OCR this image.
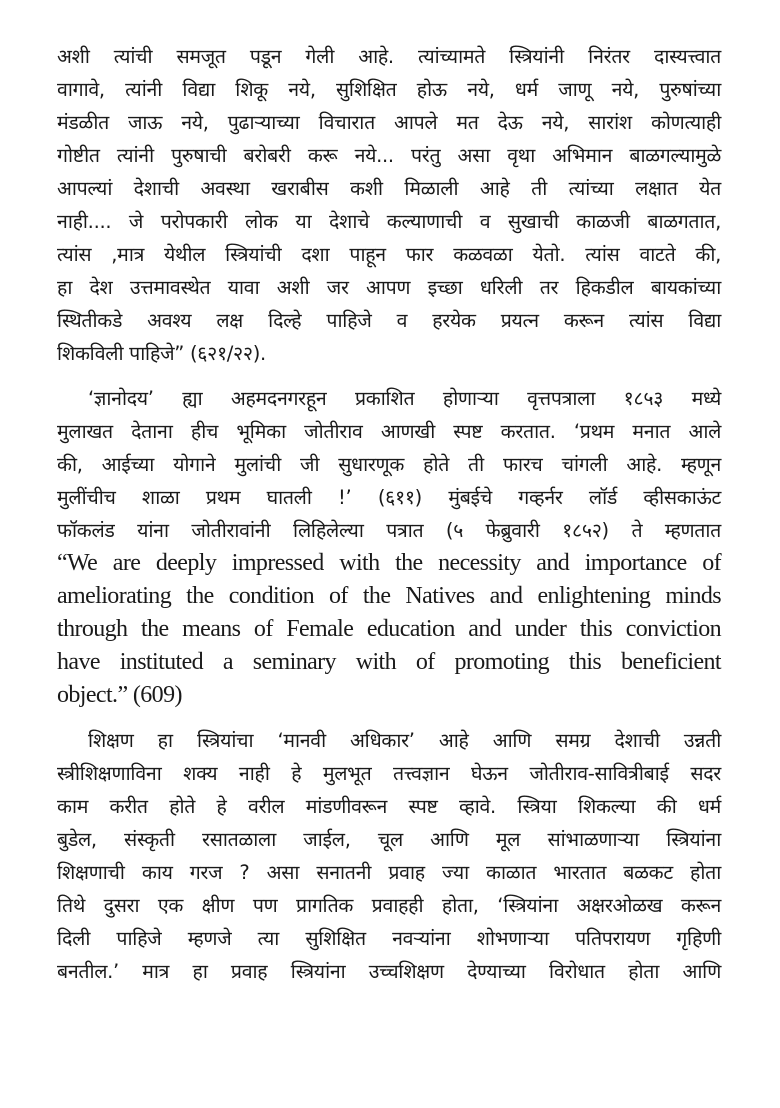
अशी त्यांची समजूत पडून गेली आहे. त्यांच्यामते स्त्रियांनी निरंतर दास्यत्त्वात
वागावे, त्यांनी विद्या शिकू नये, सुशिक्षित होऊ नये, धर्म जाणू नये, पुरुषांच्या
मंडळीत जाऊ नये, पुढाऱ्याच्या विचारात आपले मत देऊ नये, सारांश कोणत्याही
गोष्टीत त्यांनी पुरुषाची बरोबरी करू नये... परंतु असा वृथा अभिमान बाळगल्यामुळे
आपल्यां देशाची अवस्था खराबीस कशी मिळाली आहे ती त्यांच्या लक्षात येत
नाही.... जे परोपकारी लोक या देशाचे कल्याणाची व सुखाची काळजी बाळगतात,
त्यांस ,मात्र येथील स्त्रियांची दशा पाहून फार कळवळा येतो. त्यांस वाटते की,
हा देश उत्तमावस्थेत यावा अशी जर आपण इच्छा धरिली तर हिकडील बायकांच्या
स्थितीकडे अवश्य लक्ष दिल्हे पाहिजे व हरयेक प्रयत्न करून त्यांस विद्या
शिकविली पाहिजे” (६२१/२२).
‘ज्ञानोदय’ ह्या अहमदनगरहून प्रकाशित होणाऱ्या वृत्तपत्राला १८५३ मध्ये
मुलाखत देताना हीच भूमिका जोतीराव आणखी स्पष्ट करतात. ‘प्रथम मनात आले
की, आईच्या योगाने मुलांची जी सुधारणूक होते ती फारच चांगली आहे. म्हणून
मुलींचीच शाळा प्रथम घातली !’ (६११) मुंबईचे गव्हर्नर लॉर्ड व्हीसकाऊंट
फॉकलंड यांना जोतीरावांनी लिहिलेल्या पत्रात (५ फेब्रुवारी १८५२) ते म्हणतात
“We are deeply impressed with the necessity and importance of
ameliorating the condition of the Natives and enlightening minds
through the means of Female education and under this conviction
have instituted a seminary with of promoting this beneficient
object.” (609)
शिक्षण हा स्त्रियांचा ‘मानवी अधिकार’ आहे आणि समग्र देशाची उन्नती
स्त्रीशिक्षणाविना शक्य नाही हे मुलभूत तत्त्वज्ञान घेऊन जोतीराव-सावित्रीबाई सदर
काम करीत होते हे वरील मांडणीवरून स्पष्ट व्हावे. स्त्रिया शिकल्या की धर्म
बुडेल, संस्कृती रसातळाला जाईल, चूल आणि मूल सांभाळणाऱ्या स्त्रियांना
शिक्षणाची काय गरज ? असा सनातनी प्रवाह ज्या काळात भारतात बळकट होता
तिथे दुसरा एक क्षीण पण प्रागतिक प्रवाहही होता, ‘स्त्रियांना अक्षरओळख करून
दिली पाहिजे म्हणजे त्या सुशिक्षित नवऱ्यांना शोभणाऱ्या पतिपरायण गृहिणी
बनतील.’ मात्र हा प्रवाह स्त्रियांना उच्चशिक्षण देण्याच्या विरोधात होता आणि
